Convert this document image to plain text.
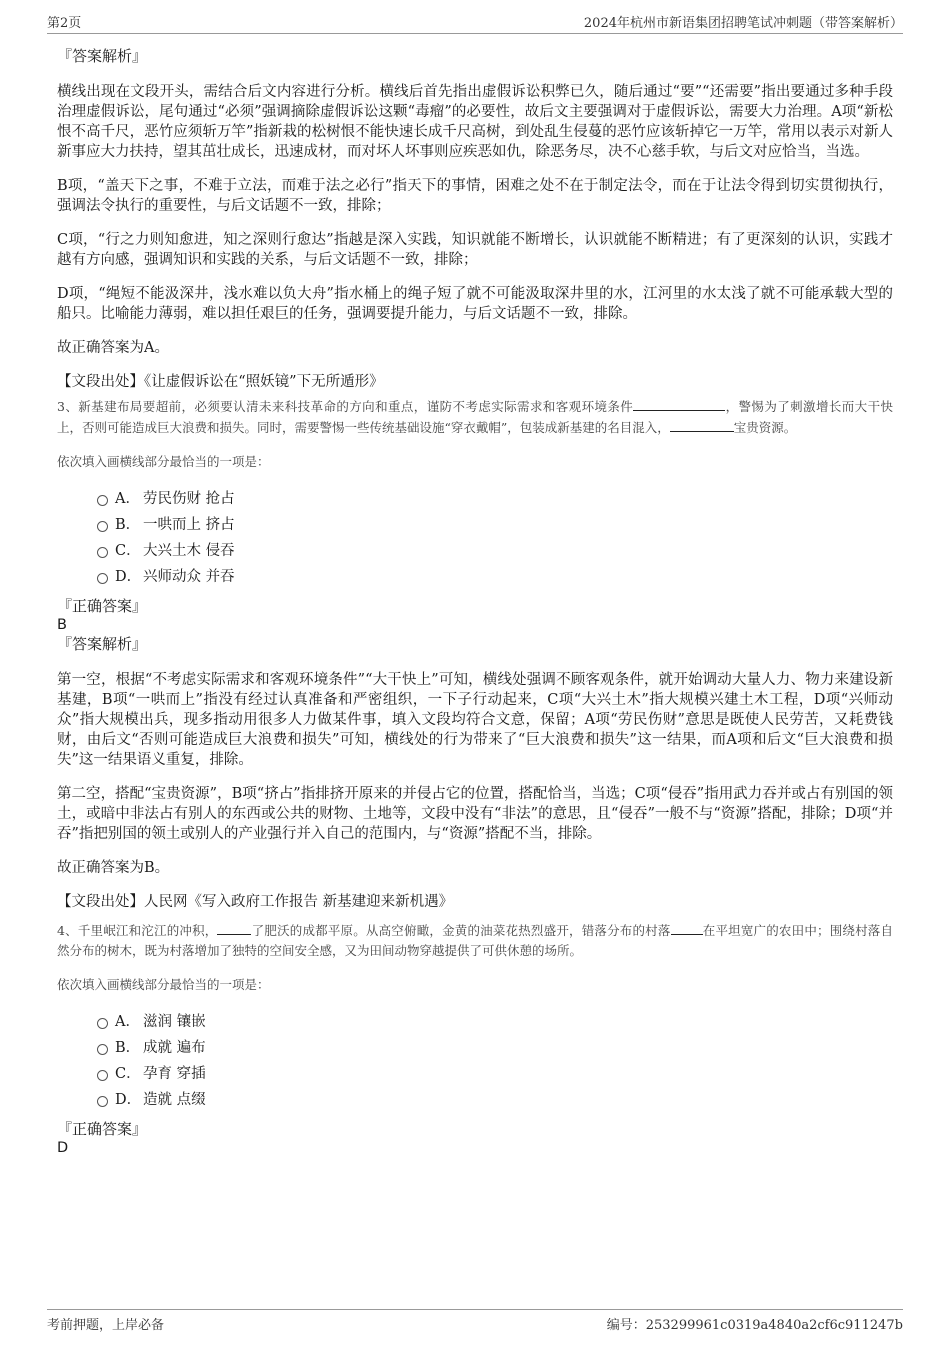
第2页	2024年杭州市新语集团招聘笔试冲刺题（带答案解析）

『答案解析』

横线出现在文段开头，需结合后文内容进行分析。横线后首先指出虚假诉讼积弊已久，随后通过“要”“还需要”指出要通过多种手段治理虚假诉讼，尾句通过“必须”强调摘除虚假诉讼这颗“毒瘤”的必要性，故后文主要强调对于虚假诉讼，需要大力治理。A项“新松恨不高千尺，恶竹应须斩万竿”指新栽的松树恨不能快速长成千尺高树，到处乱生侵蔓的恶竹应该斩掉它一万竿，常用以表示对新人新事应大力扶持，望其茁壮成长，迅速成材，而对坏人坏事则应疾恶如仇，除恶务尽，决不心慈手软，与后文对应恰当，当选。

B项，“盖天下之事，不难于立法，而难于法之必行”指天下的事情，困难之处不在于制定法令，而在于让法令得到切实贯彻执行，强调法令执行的重要性，与后文话题不一致，排除；

C项，“行之力则知愈进，知之深则行愈达”指越是深入实践，知识就能不断增长，认识就能不断精进；有了更深刻的认识，实践才越有方向感，强调知识和实践的关系，与后文话题不一致，排除；

D项，“绳短不能汲深井，浅水难以负大舟”指水桶上的绳子短了就不可能汲取深井里的水，江河里的水太浅了就不可能承载大型的船只。比喻能力薄弱，难以担任艰巨的任务，强调要提升能力，与后文话题不一致，排除。

故正确答案为A。

【文段出处】《让虚假诉讼在“照妖镜”下无所遁形》

3、新基建布局要超前，必须要认清未来科技革命的方向和重点，谨防不考虑实际需求和客观环境条件	，警惕为了刺激增长而大干快上，否则可能造成巨大浪费和损失。同时，需要警惕一些传统基础设施“穿衣戴帽”，包装成新基建的名目混入，	宝贵资源。

依次填入画横线部分最恰当的一项是：

A． 劳民伤财 抢占
B． 一哄而上 挤占
C． 大兴土木 侵吞
D． 兴师动众 并吞

『正确答案』

B

『答案解析』

第一空，根据“不考虑实际需求和客观环境条件”“大干快上”可知，横线处强调不顾客观条件，就开始调动大量人力、物力来建设新基建，B项“一哄而上”指没有经过认真准备和严密组织，一下子行动起来，C项“大兴土木”指大规模兴建土木工程，D项“兴师动众”指大规模出兵，现多指动用很多人力做某件事，填入文段均符合文意，保留；A项“劳民伤财”意思是既使人民劳苦，又耗费钱财，由后文“否则可能造成巨大浪费和损失”可知，横线处的行为带来了“巨大浪费和损失”这一结果，而A项和后文“巨大浪费和损失”这一结果语义重复，排除。

第二空，搭配“宝贵资源”，B项“挤占”指排挤开原来的并侵占它的位置，搭配恰当，当选；C项“侵吞”指用武力吞并或占有别国的领土，或暗中非法占有别人的东西或公共的财物、土地等，文段中没有“非法”的意思，且“侵吞”一般不与“资源”搭配，排除；D项“并吞”指把别国的领土或别人的产业强行并入自己的范围内，与“资源”搭配不当，排除。

故正确答案为B。

【文段出处】人民网《写入政府工作报告 新基建迎来新机遇》

4、千里岷江和沱江的冲积，	了肥沃的成都平原。从高空俯瞰，金黄的油菜花热烈盛开，错落分布的村落	在平坦宽广的农田中；围绕村落自然分布的树木，既为村落增加了独特的空间安全感，又为田间动物穿越提供了可供休憩的场所。

依次填入画横线部分最恰当的一项是：

A． 滋润 镶嵌
B． 成就 遍布
C． 孕育 穿插
D． 造就 点缀

『正确答案』

D

考前押题，上岸必备	编号：253299961c0319a4840a2cf6c911247b
